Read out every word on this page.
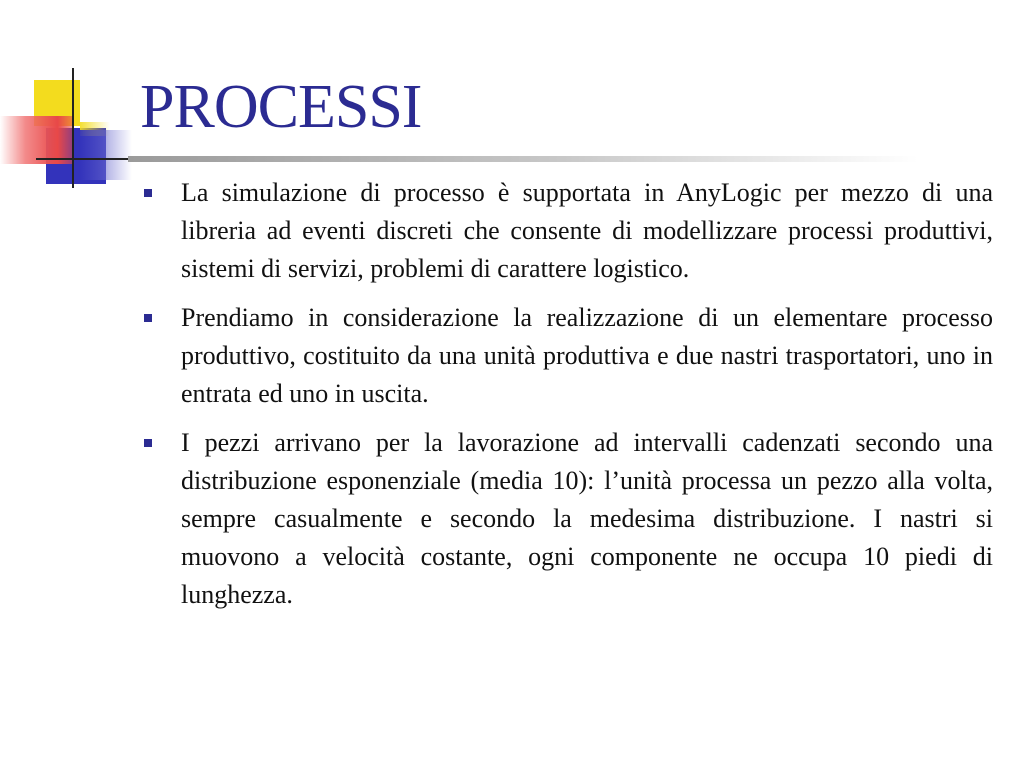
PROCESSI
La simulazione di processo è supportata in AnyLogic per mezzo di una libreria ad eventi discreti che consente di modellizzare processi produttivi, sistemi di servizi, problemi di carattere logistico.
Prendiamo in considerazione la realizzazione di un elementare processo produttivo, costituito da una unità produttiva e due nastri trasportatori, uno in entrata ed uno in uscita.
I pezzi arrivano per la lavorazione ad intervalli cadenzati secondo una distribuzione esponenziale (media 10): l’unità processa un pezzo alla volta, sempre casualmente e secondo la medesima distribuzione. I nastri si muovono a velocità costante, ogni componente ne occupa 10 piedi di lunghezza.
